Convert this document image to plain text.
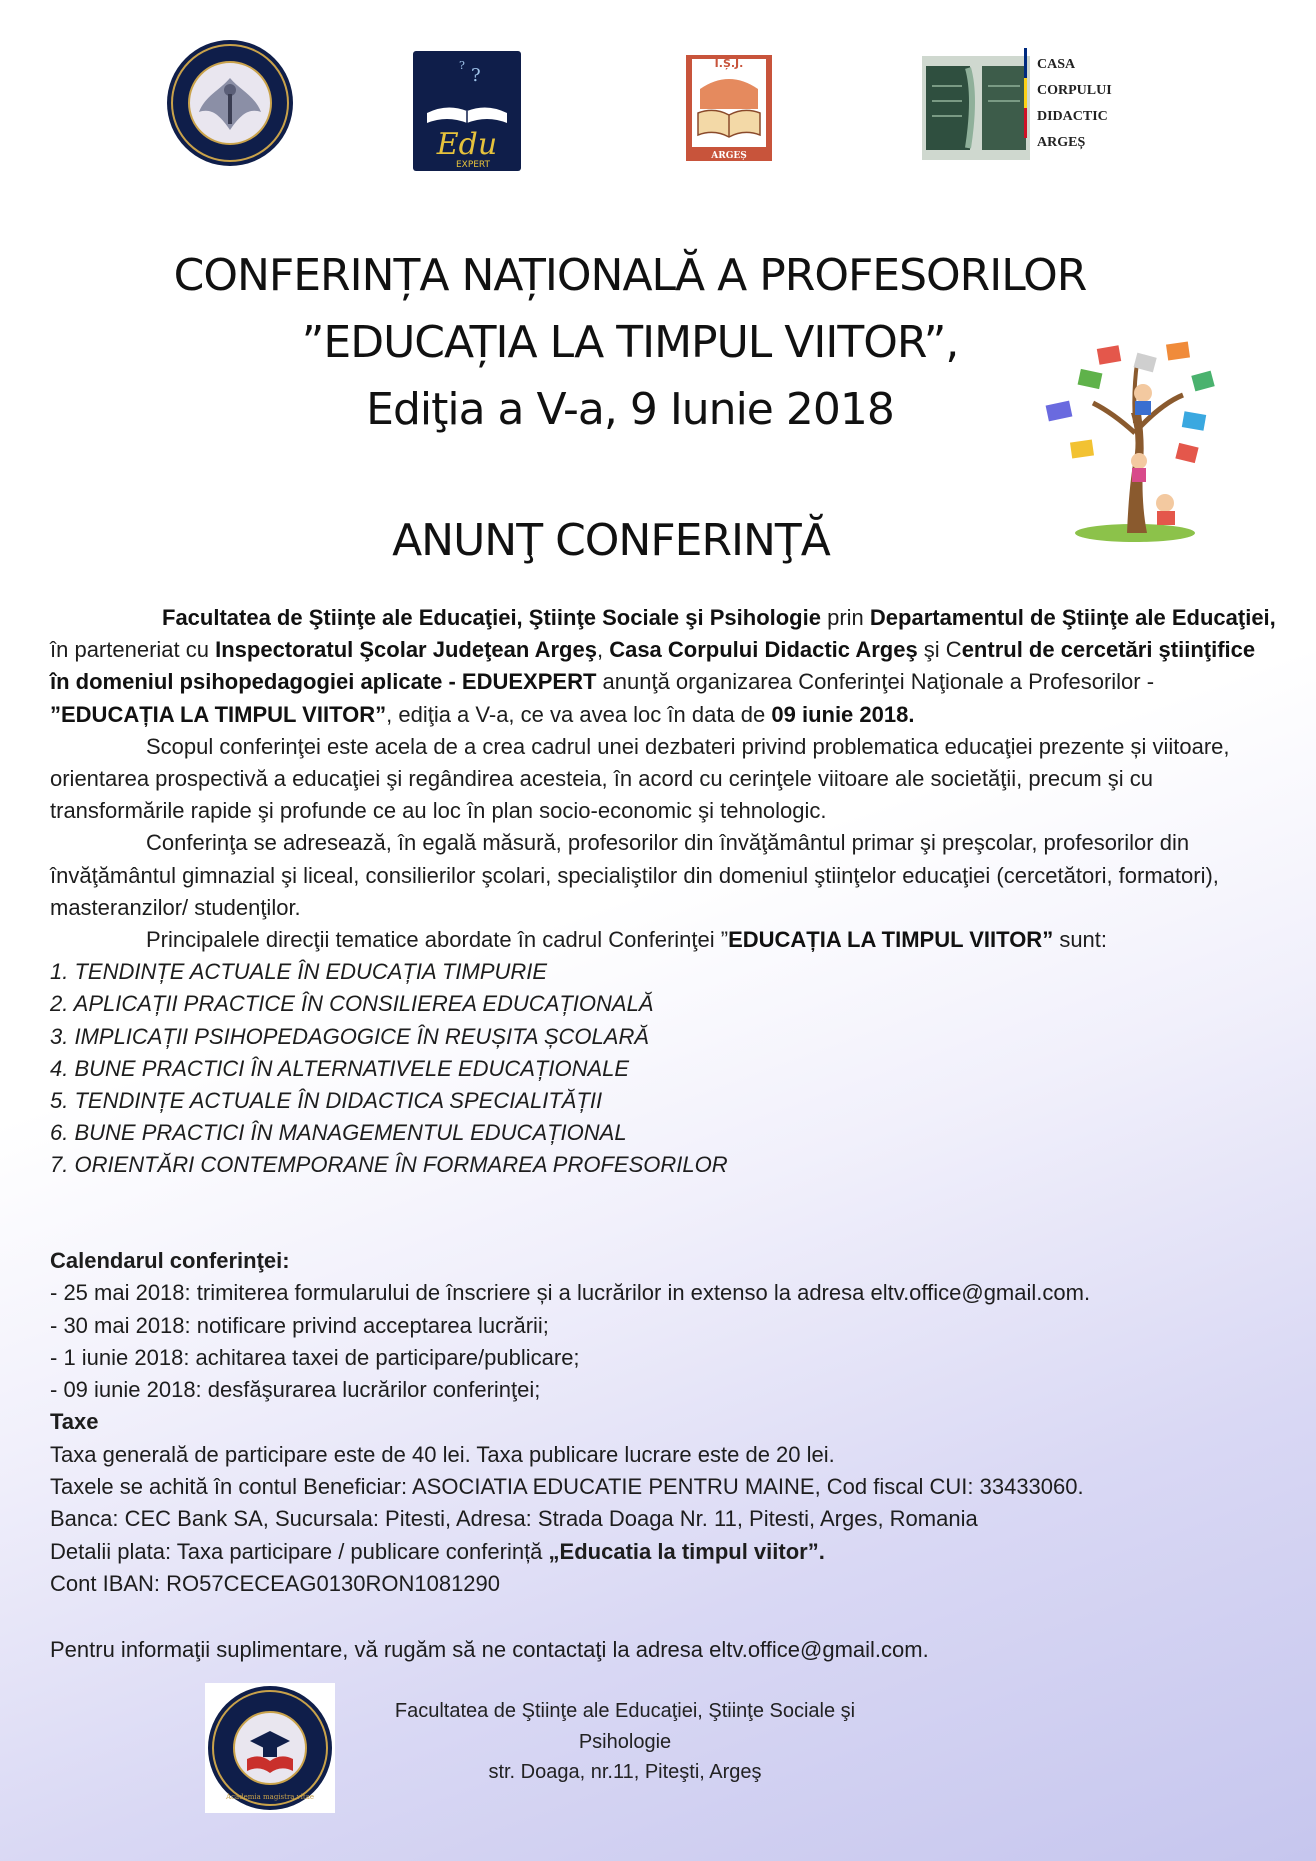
?
?
Edu
EXPERT
I.Ș.J.
ARGEȘ
CASA
CORPULUI
DIDACTIC
ARGEȘ
CONFERINȚA NAȚIONALĂ A PROFESORILOR
”EDUCAȚIA LA TIMPUL VIITOR”,
Ediţia a V-a, 9 Iunie 2018
ANUNŢ CONFERINŢĂ

Facultatea de Ştiinţe ale Educaţiei, Ştiinţe Sociale şi Psihologie prin Departamentul de Ştiinţe ale Educaţiei, în parteneriat cu Inspectoratul Şcolar Judeţean Argeş, Casa Corpului Didactic Argeş şi Centrul de cercetări ştiinţifice în domeniul psihopedagogiei aplicate - EDUEXPERT anunţă organizarea Conferinţei Naţionale a Profesorilor - ”EDUCAȚIA LA TIMPUL VIITOR”, ediţia a V-a, ce va avea loc în data de 09 iunie 2018.

Scopul conferinţei este acela de a crea cadrul unei dezbateri privind problematica educaţiei prezente și viitoare, orientarea prospectivă a educaţiei şi regândirea acesteia, în acord cu cerinţele viitoare ale societăţii, precum şi cu transformările rapide şi profunde ce au loc în plan socio-economic şi tehnologic.

Conferinţa se adresează, în egală măsură, profesorilor din învăţământul primar şi preşcolar, profesorilor din învăţământul gimnazial şi liceal, consilierilor şcolari, specialiştilor din domeniul ştiinţelor educaţiei (cercetători, formatori), masteranzilor/ studenţilor.

Principalele direcţii tematice abordate în cadrul Conferinţei ”EDUCAȚIA LA TIMPUL VIITOR” sunt:

1. TENDINȚE ACTUALE ÎN EDUCAȚIA TIMPURIE
2. APLICAȚII PRACTICE ÎN CONSILIEREA EDUCAȚIONALĂ
3. IMPLICAȚII PSIHOPEDAGOGICE ÎN REUȘITA ȘCOLARĂ
4. BUNE PRACTICI ÎN ALTERNATIVELE EDUCAȚIONALE
5. TENDINȚE ACTUALE ÎN DIDACTICA SPECIALITĂȚII
6. BUNE PRACTICI ÎN MANAGEMENTUL EDUCAȚIONAL
7. ORIENTĂRI CONTEMPORANE ÎN FORMAREA PROFESORILOR

Calendarul conferinţei:

- 25 mai 2018: trimiterea formularului de înscriere și a lucrărilor in extenso la adresa eltv.office@gmail.com.

- 30 mai 2018: notificare privind acceptarea lucrării;

- 1 iunie 2018: achitarea taxei de participare/publicare;

- 09 iunie 2018: desfăşurarea lucrărilor conferinţei;

Taxe

Taxa generală de participare este de 40 lei. Taxa publicare lucrare este de 20 lei.

Taxele se achită în contul Beneficiar: ASOCIATIA EDUCATIE PENTRU MAINE, Cod fiscal CUI: 33433060.

Banca: CEC Bank SA, Sucursala: Pitesti, Adresa: Strada Doaga Nr. 11, Pitesti, Arges, Romania

Detalii plata: Taxa participare / publicare conferință „Educatia la timpul viitor”.

Cont IBAN: RO57CECEAG0130RON1081290

Pentru informaţii suplimentare, vă rugăm să ne contactaţi la adresa eltv.office@gmail.com.

Academia magistra vitae
Facultatea de Ştiinţe ale Educaţiei, Ştiinţe Sociale şi
Psihologie
str. Doaga, nr.11, Piteşti, Argeş
